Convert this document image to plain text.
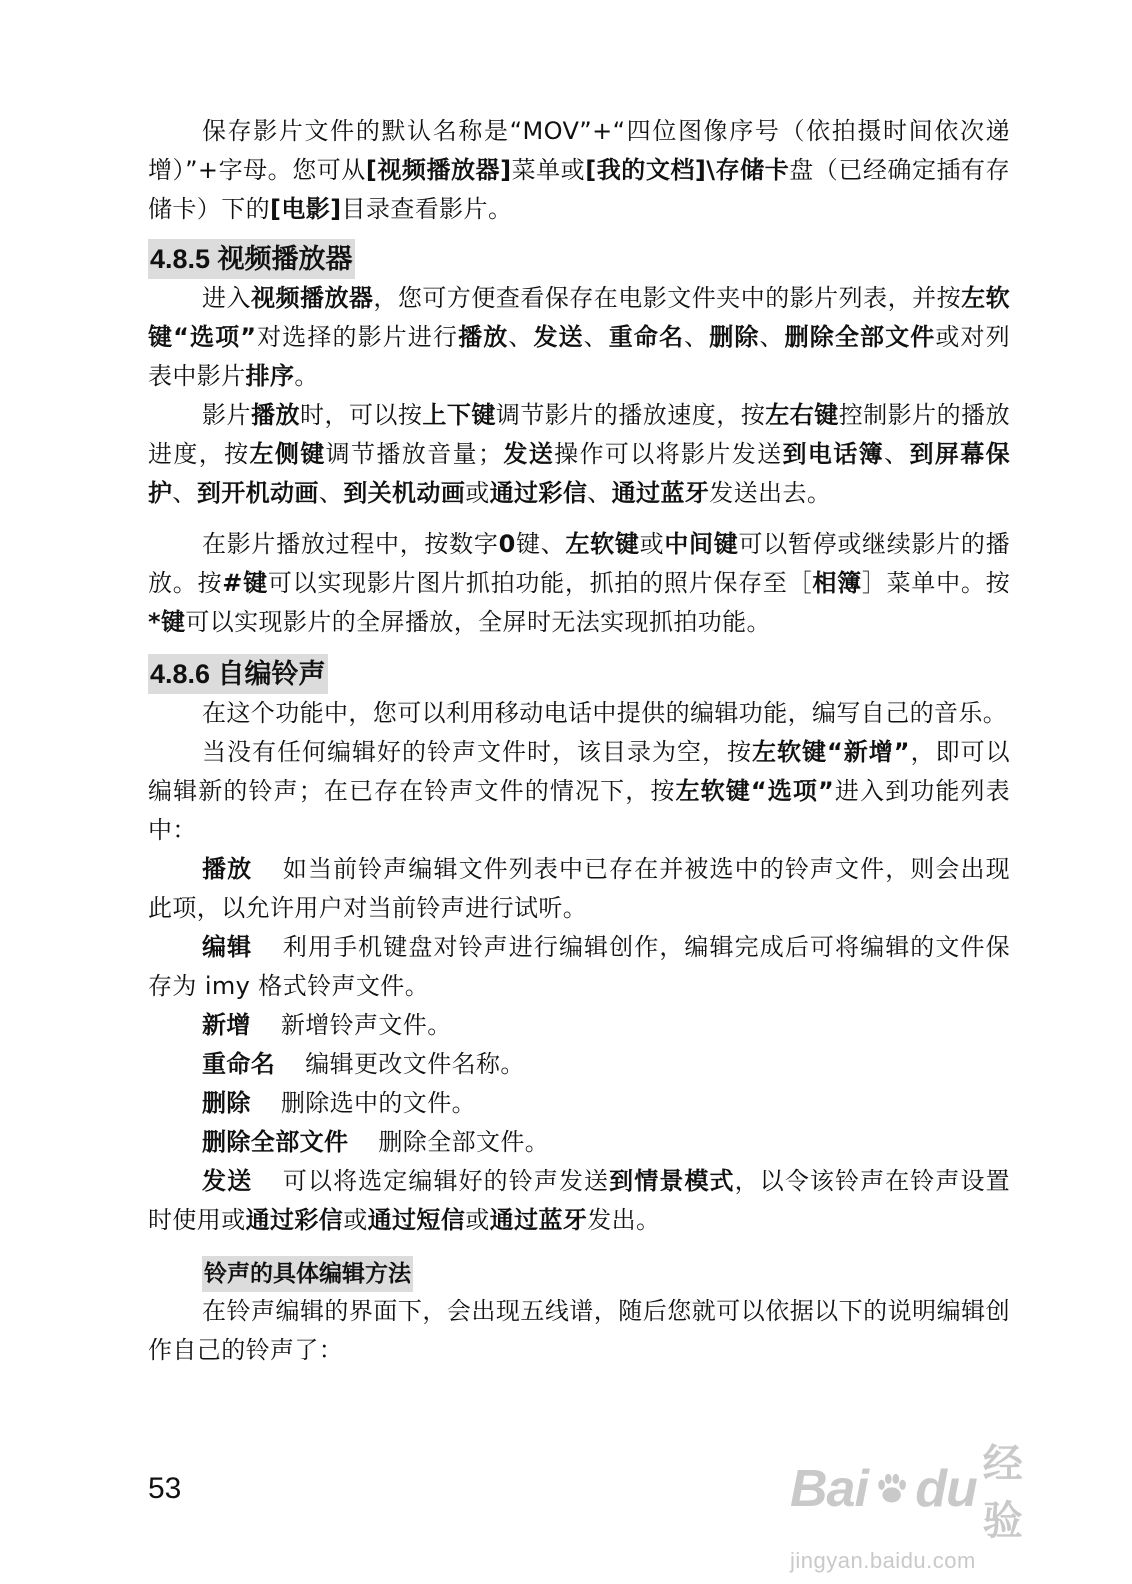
保存影片文件的默认名称是“MOV”+“四位图像序号（依拍摄时间依次递增）”+字母。您可从[视频播放器]菜单或[我的文档]\存储卡盘（已经确定插有存储卡）下的[电影]目录查看影片。

4.8.5 视频播放器

进入视频播放器，您可方便查看保存在电影文件夹中的影片列表，并按左软键“选项”对选择的影片进行播放、发送、重命名、删除、删除全部文件或对列表中影片排序。

影片播放时，可以按上下键调节影片的播放速度，按左右键控制影片的播放进度，按左侧键调节播放音量；发送操作可以将影片发送到电话簿、到屏幕保护、到开机动画、到关机动画或通过彩信、通过蓝牙发送出去。

在影片播放过程中，按数字0键、左软键或中间键可以暂停或继续影片的播放。按#键可以实现影片图片抓拍功能，抓拍的照片保存至［相簿］菜单中。按*键可以实现影片的全屏播放，全屏时无法实现抓拍功能。

4.8.6 自编铃声

在这个功能中，您可以利用移动电话中提供的编辑功能，编写自己的音乐。

当没有任何编辑好的铃声文件时，该目录为空，按左软键“新增”，即可以编辑新的铃声；在已存在铃声文件的情况下，按左软键“选项”进入到功能列表中：

播放 如当前铃声编辑文件列表中已存在并被选中的铃声文件，则会出现此项，以允许用户对当前铃声进行试听。

编辑 利用手机键盘对铃声进行编辑创作，编辑完成后可将编辑的文件保存为 imy 格式铃声文件。

新增 新增铃声文件。

重命名 编辑更改文件名称。

删除 删除选中的文件。

删除全部文件 删除全部文件。

发送 可以将选定编辑好的铃声发送到情景模式，以令该铃声在铃声设置时使用或通过彩信或通过短信或通过蓝牙发出。

铃声的具体编辑方法

在铃声编辑的界面下，会出现五线谱，随后您就可以依据以下的说明编辑创作自己的铃声了：

53	Bai du 经验
jingyan.baidu.com
